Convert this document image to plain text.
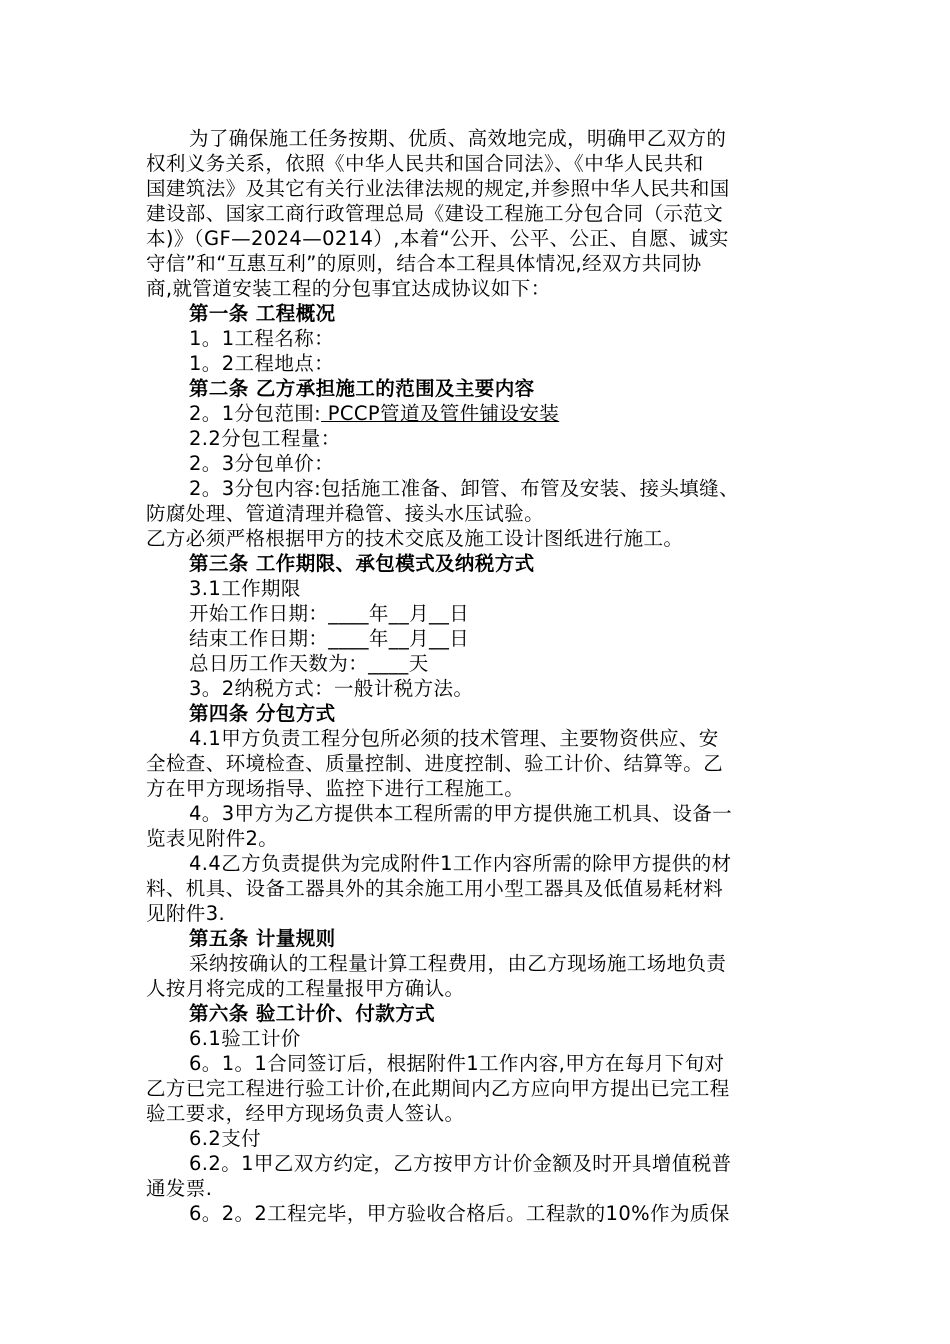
为了确保施工任务按期、优质、高效地完成，明确甲乙双方的
权利义务关系，依照《中华人民共和国合同法》、《中华人民共和
国建筑法》及其它有关行业法律法规的规定,并参照中华人民共和国
建设部、国家工商行政管理总局《建设工程施工分包合同（示范文
本)》（GF—2024—0214）,本着“公开、公平、公正、自愿、诚实
守信”和“互惠互利”的原则，结合本工程具体情况,经双方共同协
商,就管道安装工程的分包事宜达成协议如下：
第一条 工程概况
1。1工程名称：
1。2工程地点：
第二条 乙方承担施工的范围及主要内容
2。1分包范围: PCCP管道及管件铺设安装
2.2分包工程量：
2。3分包单价：
2。3分包内容:包括施工准备、卸管、布管及安装、接头填缝、
防腐处理、管道清理并稳管、接头水压试验。
乙方必须严格根据甲方的技术交底及施工设计图纸进行施工。
第三条 工作期限、承包模式及纳税方式
3.1工作期限
开始工作日期：____年__月__日
结束工作日期：____年__月__日
总日历工作天数为：____天
3。2纳税方式：一般计税方法。
第四条 分包方式
4.1甲方负责工程分包所必须的技术管理、主要物资供应、安
全检查、环境检查、质量控制、进度控制、验工计价、结算等。乙
方在甲方现场指导、监控下进行工程施工。
4。3甲方为乙方提供本工程所需的甲方提供施工机具、设备一
览表见附件2。
4.4乙方负责提供为完成附件1工作内容所需的除甲方提供的材
料、机具、设备工器具外的其余施工用小型工器具及低值易耗材料
见附件3.
第五条 计量规则
采纳按确认的工程量计算工程费用，由乙方现场施工场地负责
人按月将完成的工程量报甲方确认。
第六条 验工计价、付款方式
6.1验工计价
6。1。1合同签订后，根据附件1工作内容,甲方在每月下旬对
乙方已完工程进行验工计价,在此期间内乙方应向甲方提出已完工程
验工要求，经甲方现场负责人签认。
6.2支付
6.2。1甲乙双方约定，乙方按甲方计价金额及时开具增值税普
通发票.
6。2。2工程完毕，甲方验收合格后。工程款的10%作为质保
